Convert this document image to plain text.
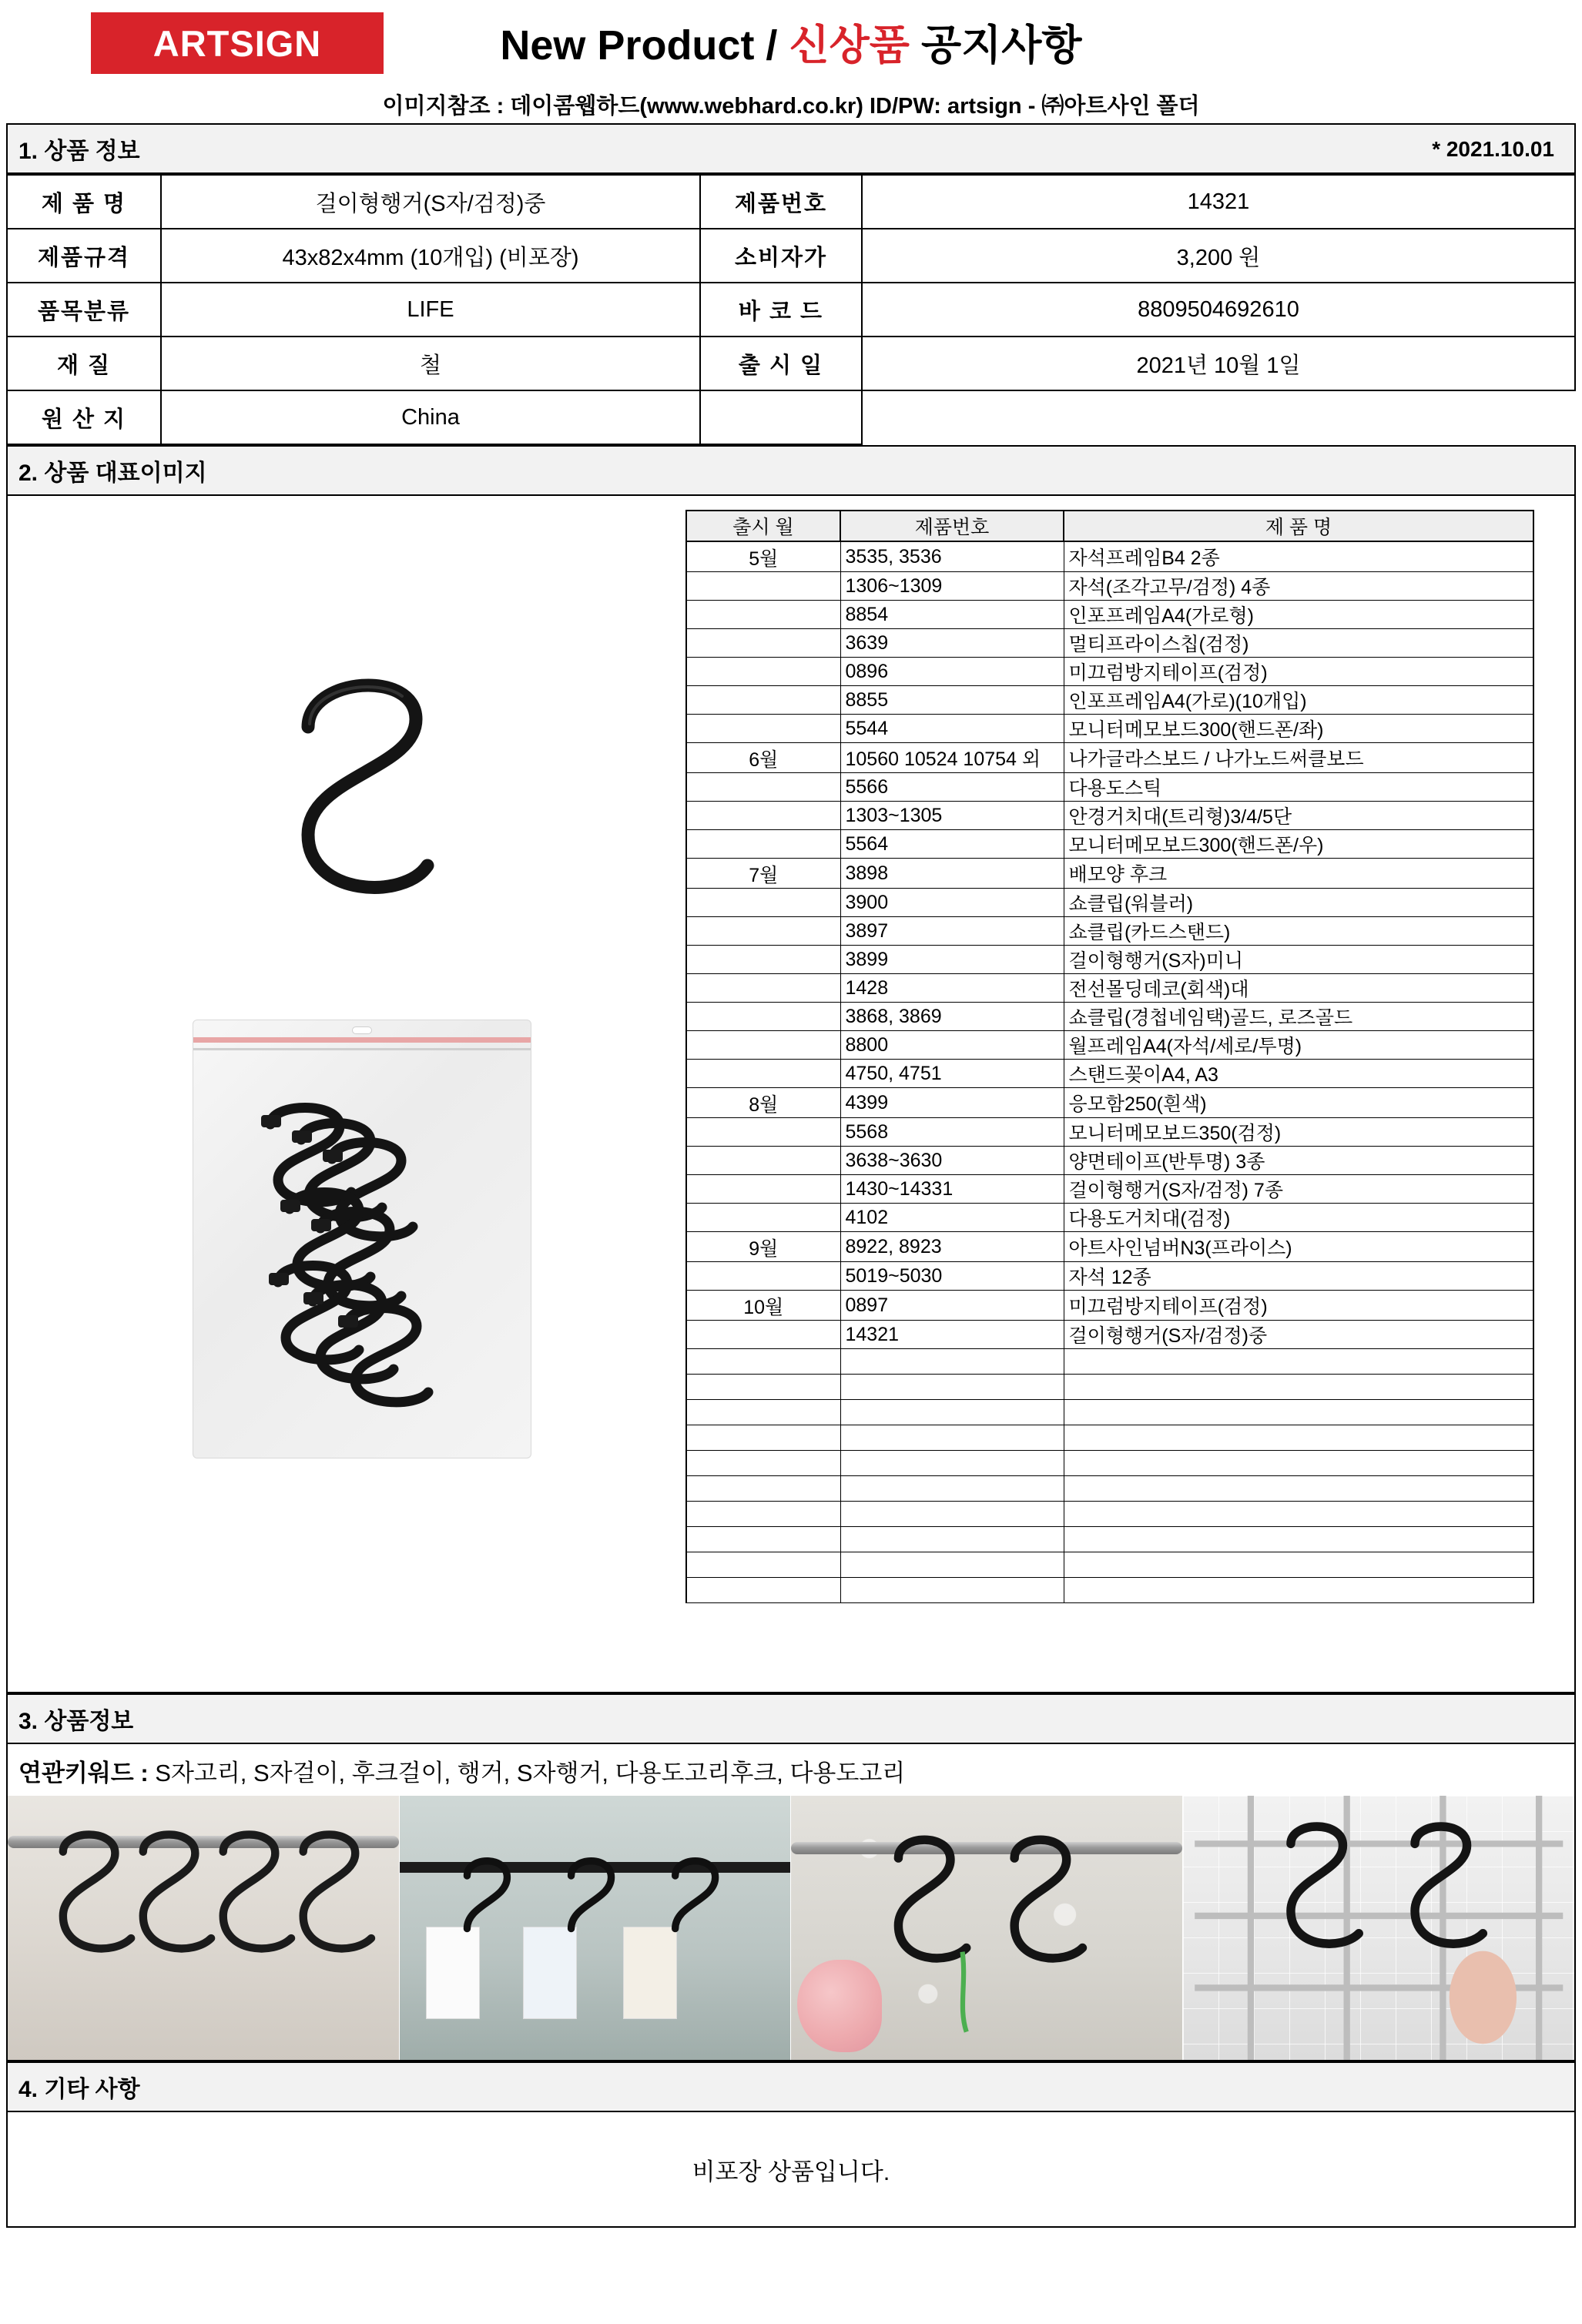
ARTSIGN	New Product / 신상품 공지사항
이미지참조 : 데이콤웹하드(www.webhard.co.kr) ID/PW: artsign - ㈜아트사인 폴더
* 2021.10.01
1. 상품 정보
제 품 명	걸이형행거(S자/검정)중	제품번호	14321
제품규격	43x82x4mm (10개입) (비포장)	소비자가	3,200 원
품목분류	LIFE	바 코 드	8809504692610
재 질	철	출 시 일	2021년 10월 1일
원 산 지	China		
2. 상품 대표이미지
출시 월	제품번호	제 품 명
5월	3535, 3536	자석프레임B4 2종
	1306~1309	자석(조각고무/검정) 4종
	8854	인포프레임A4(가로형)
	3639	멀티프라이스칩(검정)
	0896	미끄럼방지테이프(검정)
	8855	인포프레임A4(가로)(10개입)
	5544	모니터메모보드300(핸드폰/좌)
6월	10560 10524 10754 외	나가글라스보드 / 나가노드써클보드
	5566	다용도스틱
	1303~1305	안경거치대(트리형)3/4/5단
	5564	모니터메모보드300(핸드폰/우)
7월	3898	배모양 후크
	3900	쇼클립(워블러)
	3897	쇼클립(카드스탠드)
	3899	걸이형행거(S자)미니
	1428	전선몰딩데코(회색)대
	3868, 3869	쇼클립(경첩네임택)골드, 로즈골드
	8800	월프레임A4(자석/세로/투명)
	4750, 4751	스탠드꽂이A4, A3
8월	4399	응모함250(흰색)
	5568	모니터메모보드350(검정)
	3638~3630	양면테이프(반투명) 3종
	1430~14331	걸이형행거(S자/검정) 7종
	4102	다용도거치대(검정)
9월	8922, 8923	아트사인넘버N3(프라이스)
	5019~5030	자석 12종
10월	0897	미끄럼방지테이프(검정)
	14321	걸이형행거(S자/검정)중

3. 상품정보
연관키워드 : S자고리, S자걸이, 후크걸이, 행거, S자행거, 다용도고리후크, 다용도고리
4. 기타 사항
비포장 상품입니다.
